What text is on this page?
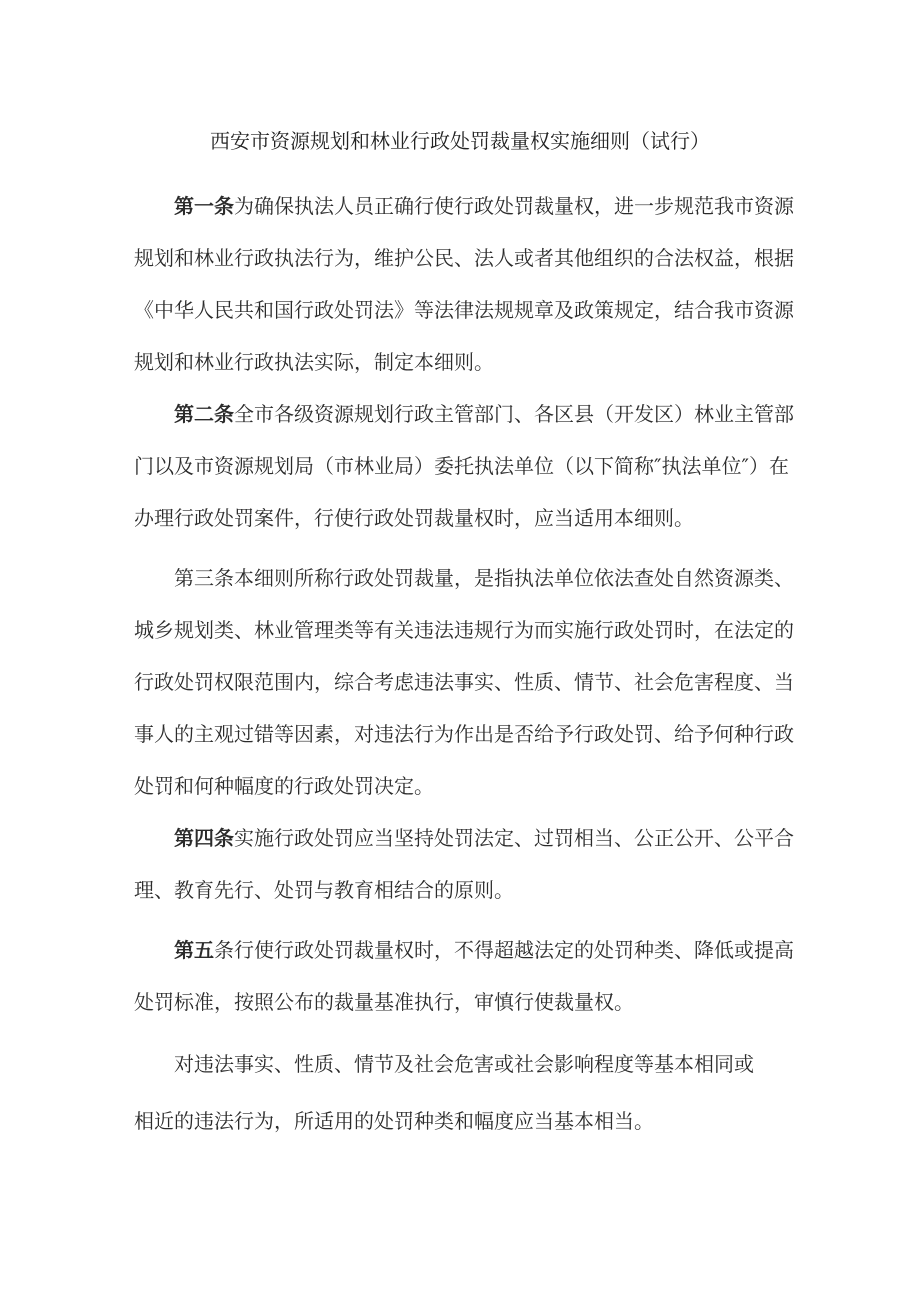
西安市资源规划和林业行政处罚裁量权实施细则（试行）

第一条为确保执法人员正确行使行政处罚裁量权，进一步规范我市资源规划和林业行政执法行为，维护公民、法人或者其他组织的合法权益，根据《中华人民共和国行政处罚法》等法律法规规章及政策规定，结合我市资源规划和林业行政执法实际，制定本细则。

第二条全市各级资源规划行政主管部门、各区县（开发区）林业主管部门以及市资源规划局（市林业局）委托执法单位（以下简称″执法单位″）在办理行政处罚案件，行使行政处罚裁量权时，应当适用本细则。

第三条本细则所称行政处罚裁量，是指执法单位依法查处自然资源类、城乡规划类、林业管理类等有关违法违规行为而实施行政处罚时，在法定的行政处罚权限范围内，综合考虑违法事实、性质、情节、社会危害程度、当事人的主观过错等因素，对违法行为作出是否给予行政处罚、给予何种行政处罚和何种幅度的行政处罚决定。

第四条实施行政处罚应当坚持处罚法定、过罚相当、公正公开、公平合理、教育先行、处罚与教育相结合的原则。

第五条行使行政处罚裁量权时，不得超越法定的处罚种类、降低或提高处罚标准，按照公布的裁量基准执行，审慎行使裁量权。

对违法事实、性质、情节及社会危害或社会影响程度等基本相同或
相近的违法行为，所适用的处罚种类和幅度应当基本相当。
